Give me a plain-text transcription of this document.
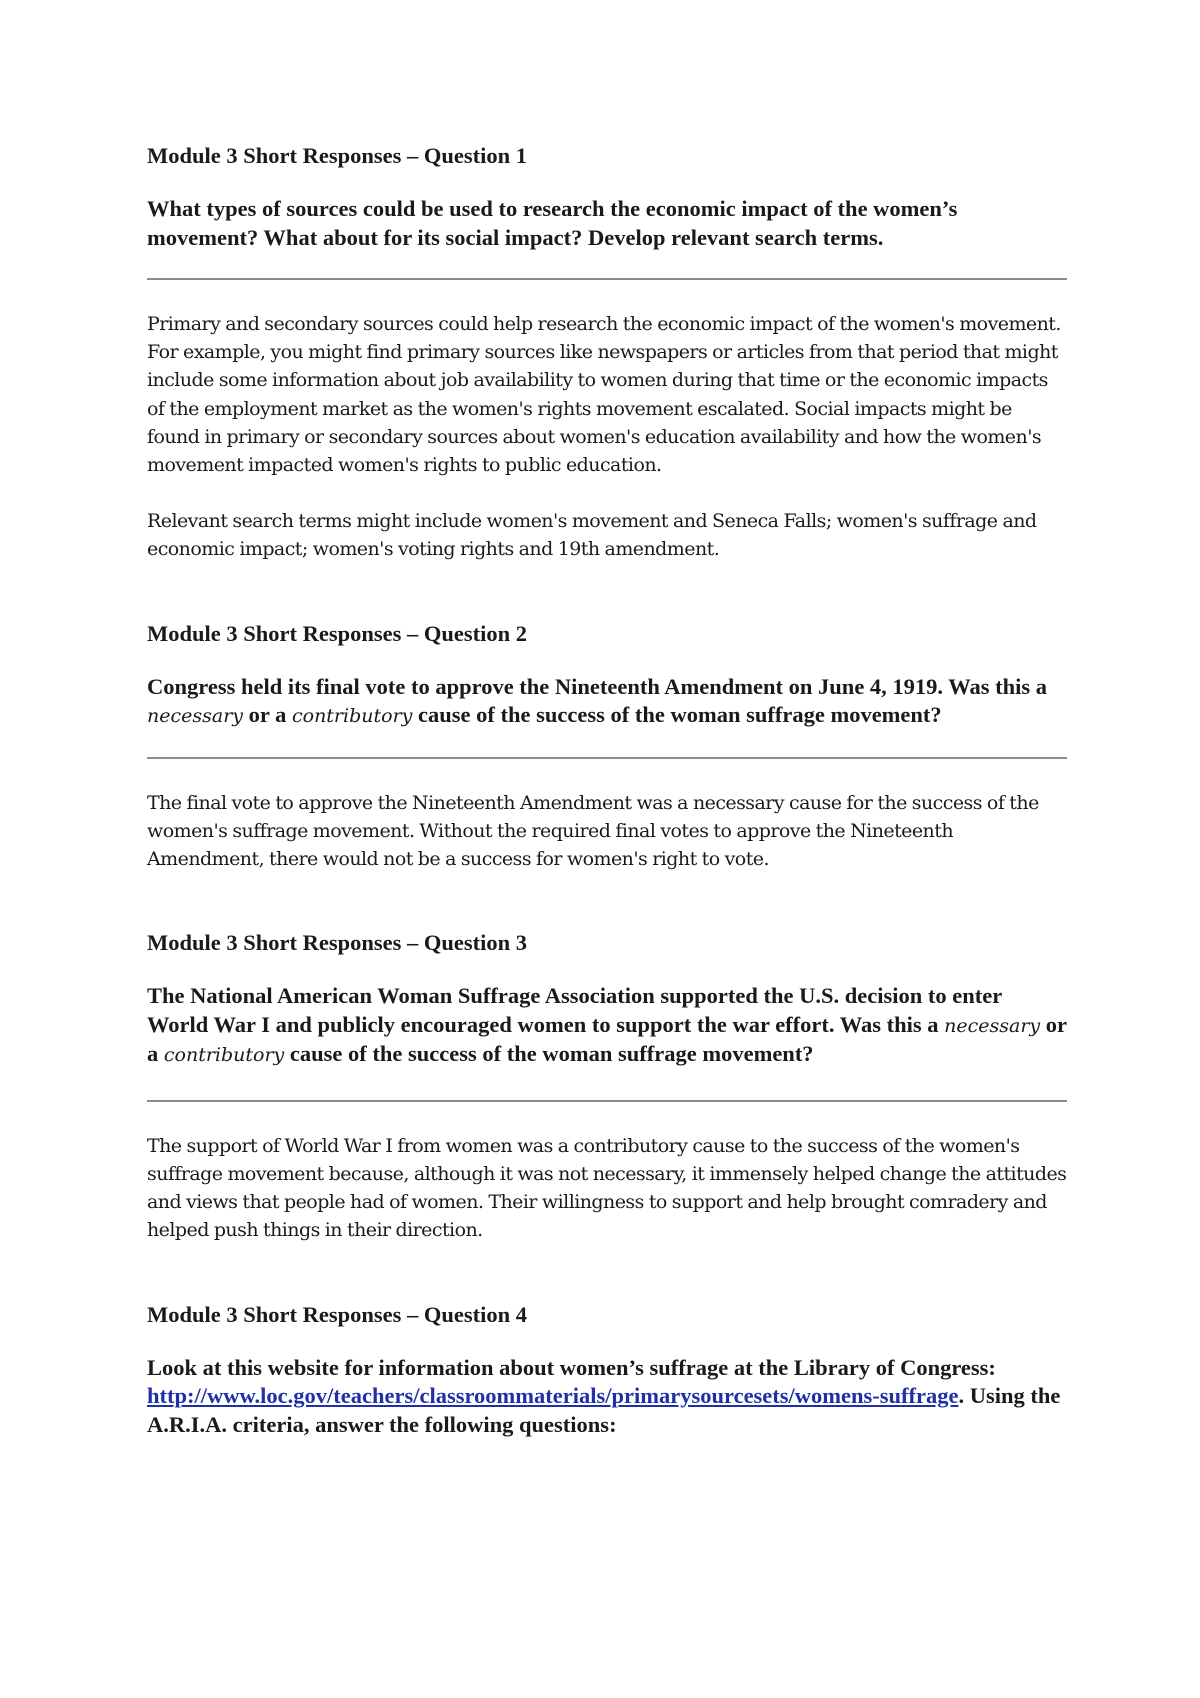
Module 3 Short Responses – Question 1

What types of sources could be used to research the economic impact of the women’s movement? What about for its social impact? Develop relevant search terms.

Primary and secondary sources could help research the economic impact of the women's movement. For example, you might find primary sources like newspapers or articles from that period that might include some information about job availability to women during that time or the economic impacts of the employment market as the women's rights movement escalated. Social impacts might be found in primary or secondary sources about women's education availability and how the women's movement impacted women's rights to public education.

Relevant search terms might include women's movement and Seneca Falls; women's suffrage and economic impact; women's voting rights and 19th amendment.

Module 3 Short Responses – Question 2

Congress held its final vote to approve the Nineteenth Amendment on June 4, 1919. Was this a necessary or a contributory cause of the success of the woman suffrage movement?

The final vote to approve the Nineteenth Amendment was a necessary cause for the success of the women's suffrage movement. Without the required final votes to approve the Nineteenth Amendment, there would not be a success for women's right to vote.

Module 3 Short Responses – Question 3

The National American Woman Suffrage Association supported the U.S. decision to enter World War I and publicly encouraged women to support the war effort. Was this a necessary or a contributory cause of the success of the woman suffrage movement?

The support of World War I from women was a contributory cause to the success of the women's suffrage movement because, although it was not necessary, it immensely helped change the attitudes and views that people had of women. Their willingness to support and help brought comradery and helped push things in their direction.

Module 3 Short Responses – Question 4

Look at this website for information about women’s suffrage at the Library of Congress: http://www.loc.gov/teachers/classroommaterials/primarysourcesets/womens-suffrage. Using the A.R.I.A. criteria, answer the following questions:
